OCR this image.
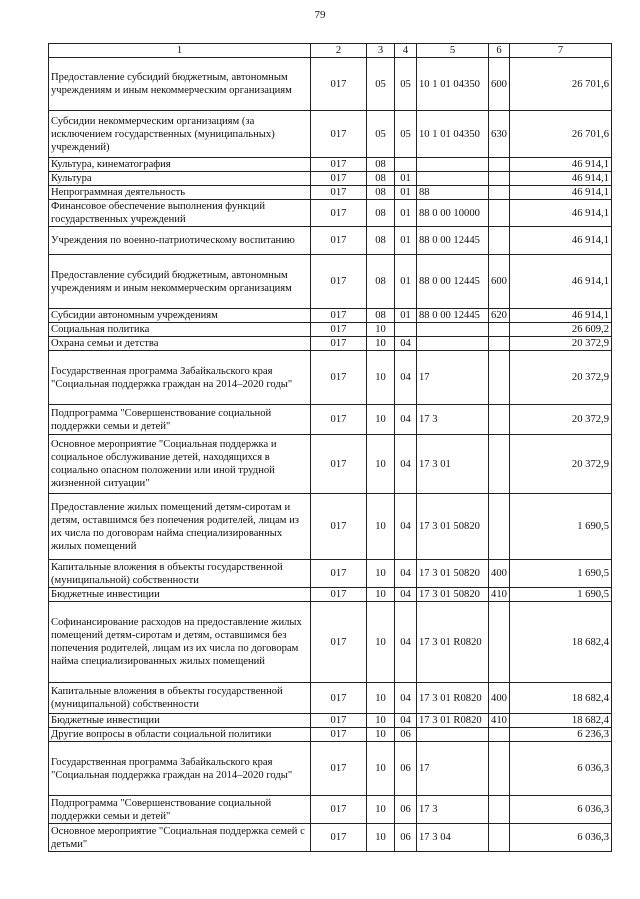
79
1	2	3	4	5	6	7
Предоставление субсидий бюджетным, автономным учреждениям и иным некоммерческим организациям	017	05	05	10 1 01 04350	600	26 701,6
Субсидии некоммерческим организациям (за исключением государственных (муниципальных) учреждений)	017	05	05	10 1 01 04350	630	26 701,6
Культура, кинематография	017	08				46 914,1
Культура	017	08	01			46 914,1
Непрограммная деятельность	017	08	01	88		46 914,1
Финансовое обеспечение выполнения функций государственных учреждений	017	08	01	88 0 00 10000		46 914,1
Учреждения по военно-патриотическому воспитанию	017	08	01	88 0 00 12445		46 914,1
Предоставление субсидий бюджетным, автономным учреждениям и иным некоммерческим организациям	017	08	01	88 0 00 12445	600	46 914,1
Субсидии автономным учреждениям	017	08	01	88 0 00 12445	620	46 914,1
Социальная политика	017	10				26 609,2
Охрана семьи и детства	017	10	04			20 372,9
Государственная программа Забайкальского края "Социальная поддержка граждан на 2014–2020 годы"	017	10	04	17		20 372,9
Подпрограмма "Совершенствование социальной поддержки семьи и детей"	017	10	04	17 3		20 372,9
Основное мероприятие "Социальная поддержка и социальное обслуживание детей, находящихся в социально опасном положении или иной трудной жизненной ситуации"	017	10	04	17 3 01		20 372,9
Предоставление жилых помещений детям-сиротам и детям, оставшимся без попечения родителей, лицам из их числа по договорам найма специализированных жилых помещений	017	10	04	17 3 01 50820		1 690,5
Капитальные вложения в объекты государственной (муниципальной) собственности	017	10	04	17 3 01 50820	400	1 690,5
Бюджетные инвестиции	017	10	04	17 3 01 50820	410	1 690,5
Софинансирование расходов на предоставление жилых помещений детям-сиротам и детям, оставшимся без попечения родителей, лицам из их числа по договорам найма специализированных жилых помещений	017	10	04	17 3 01 R0820		18 682,4
Капитальные вложения в объекты государственной (муниципальной) собственности	017	10	04	17 3 01 R0820	400	18 682,4
Бюджетные инвестиции	017	10	04	17 3 01 R0820	410	18 682,4
Другие вопросы в области социальной политики	017	10	06			6 236,3
Государственная программа Забайкальского края "Социальная поддержка граждан на 2014–2020 годы"	017	10	06	17		6 036,3
Подпрограмма "Совершенствование социальной поддержки семьи и детей"	017	10	06	17 3		6 036,3
Основное мероприятие "Социальная поддержка семей с детьми"	017	10	06	17 3 04		6 036,3
